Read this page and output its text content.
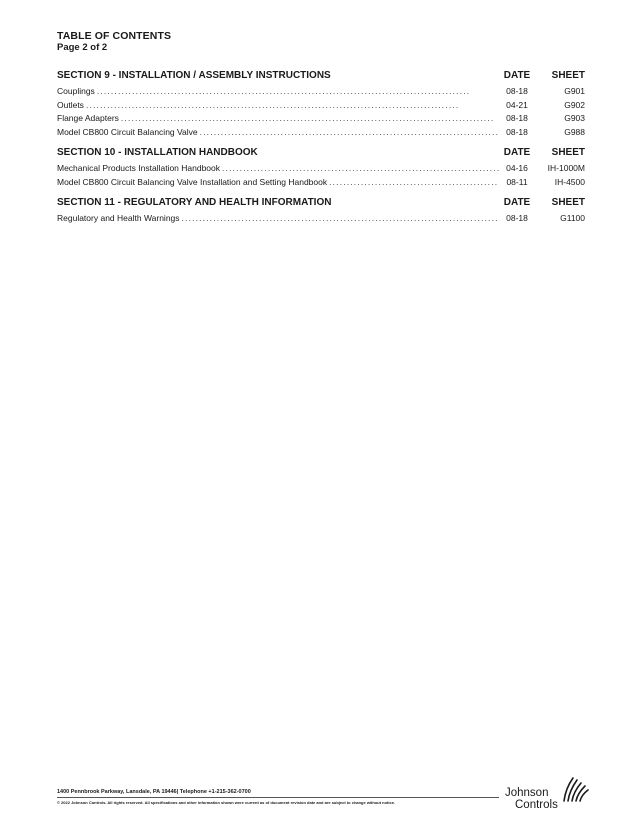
TABLE OF CONTENTS
Page 2 of 2
SECTION 9 - INSTALLATION / ASSEMBLY INSTRUCTIONS	DATE	SHEET
Couplings . . .	08-18	G901
Outlets . . .	04-21	G902
Flange Adapters . . .	08-18	G903
Model CB800 Circuit Balancing Valve . . .	08-18	G988
SECTION 10 - INSTALLATION HANDBOOK	DATE	SHEET
Mechanical Products Installation Handbook . . .	04-16	IH-1000M
Model CB800 Circuit Balancing Valve Installation and Setting Handbook . . .	08-11	IH-4500
SECTION 11 - REGULATORY AND HEALTH INFORMATION	DATE	SHEET
Regulatory and Health Warnings . . .	08-18	G1100
1400 Pennbrook Parkway, Lansdale, PA 19446| Telephone +1-215-362-0700
© 2022 Johnson Controls. All rights reserved. All specifications and other information shown were current as of document revision date and are subject to change without notice.
Johnson
Controls
